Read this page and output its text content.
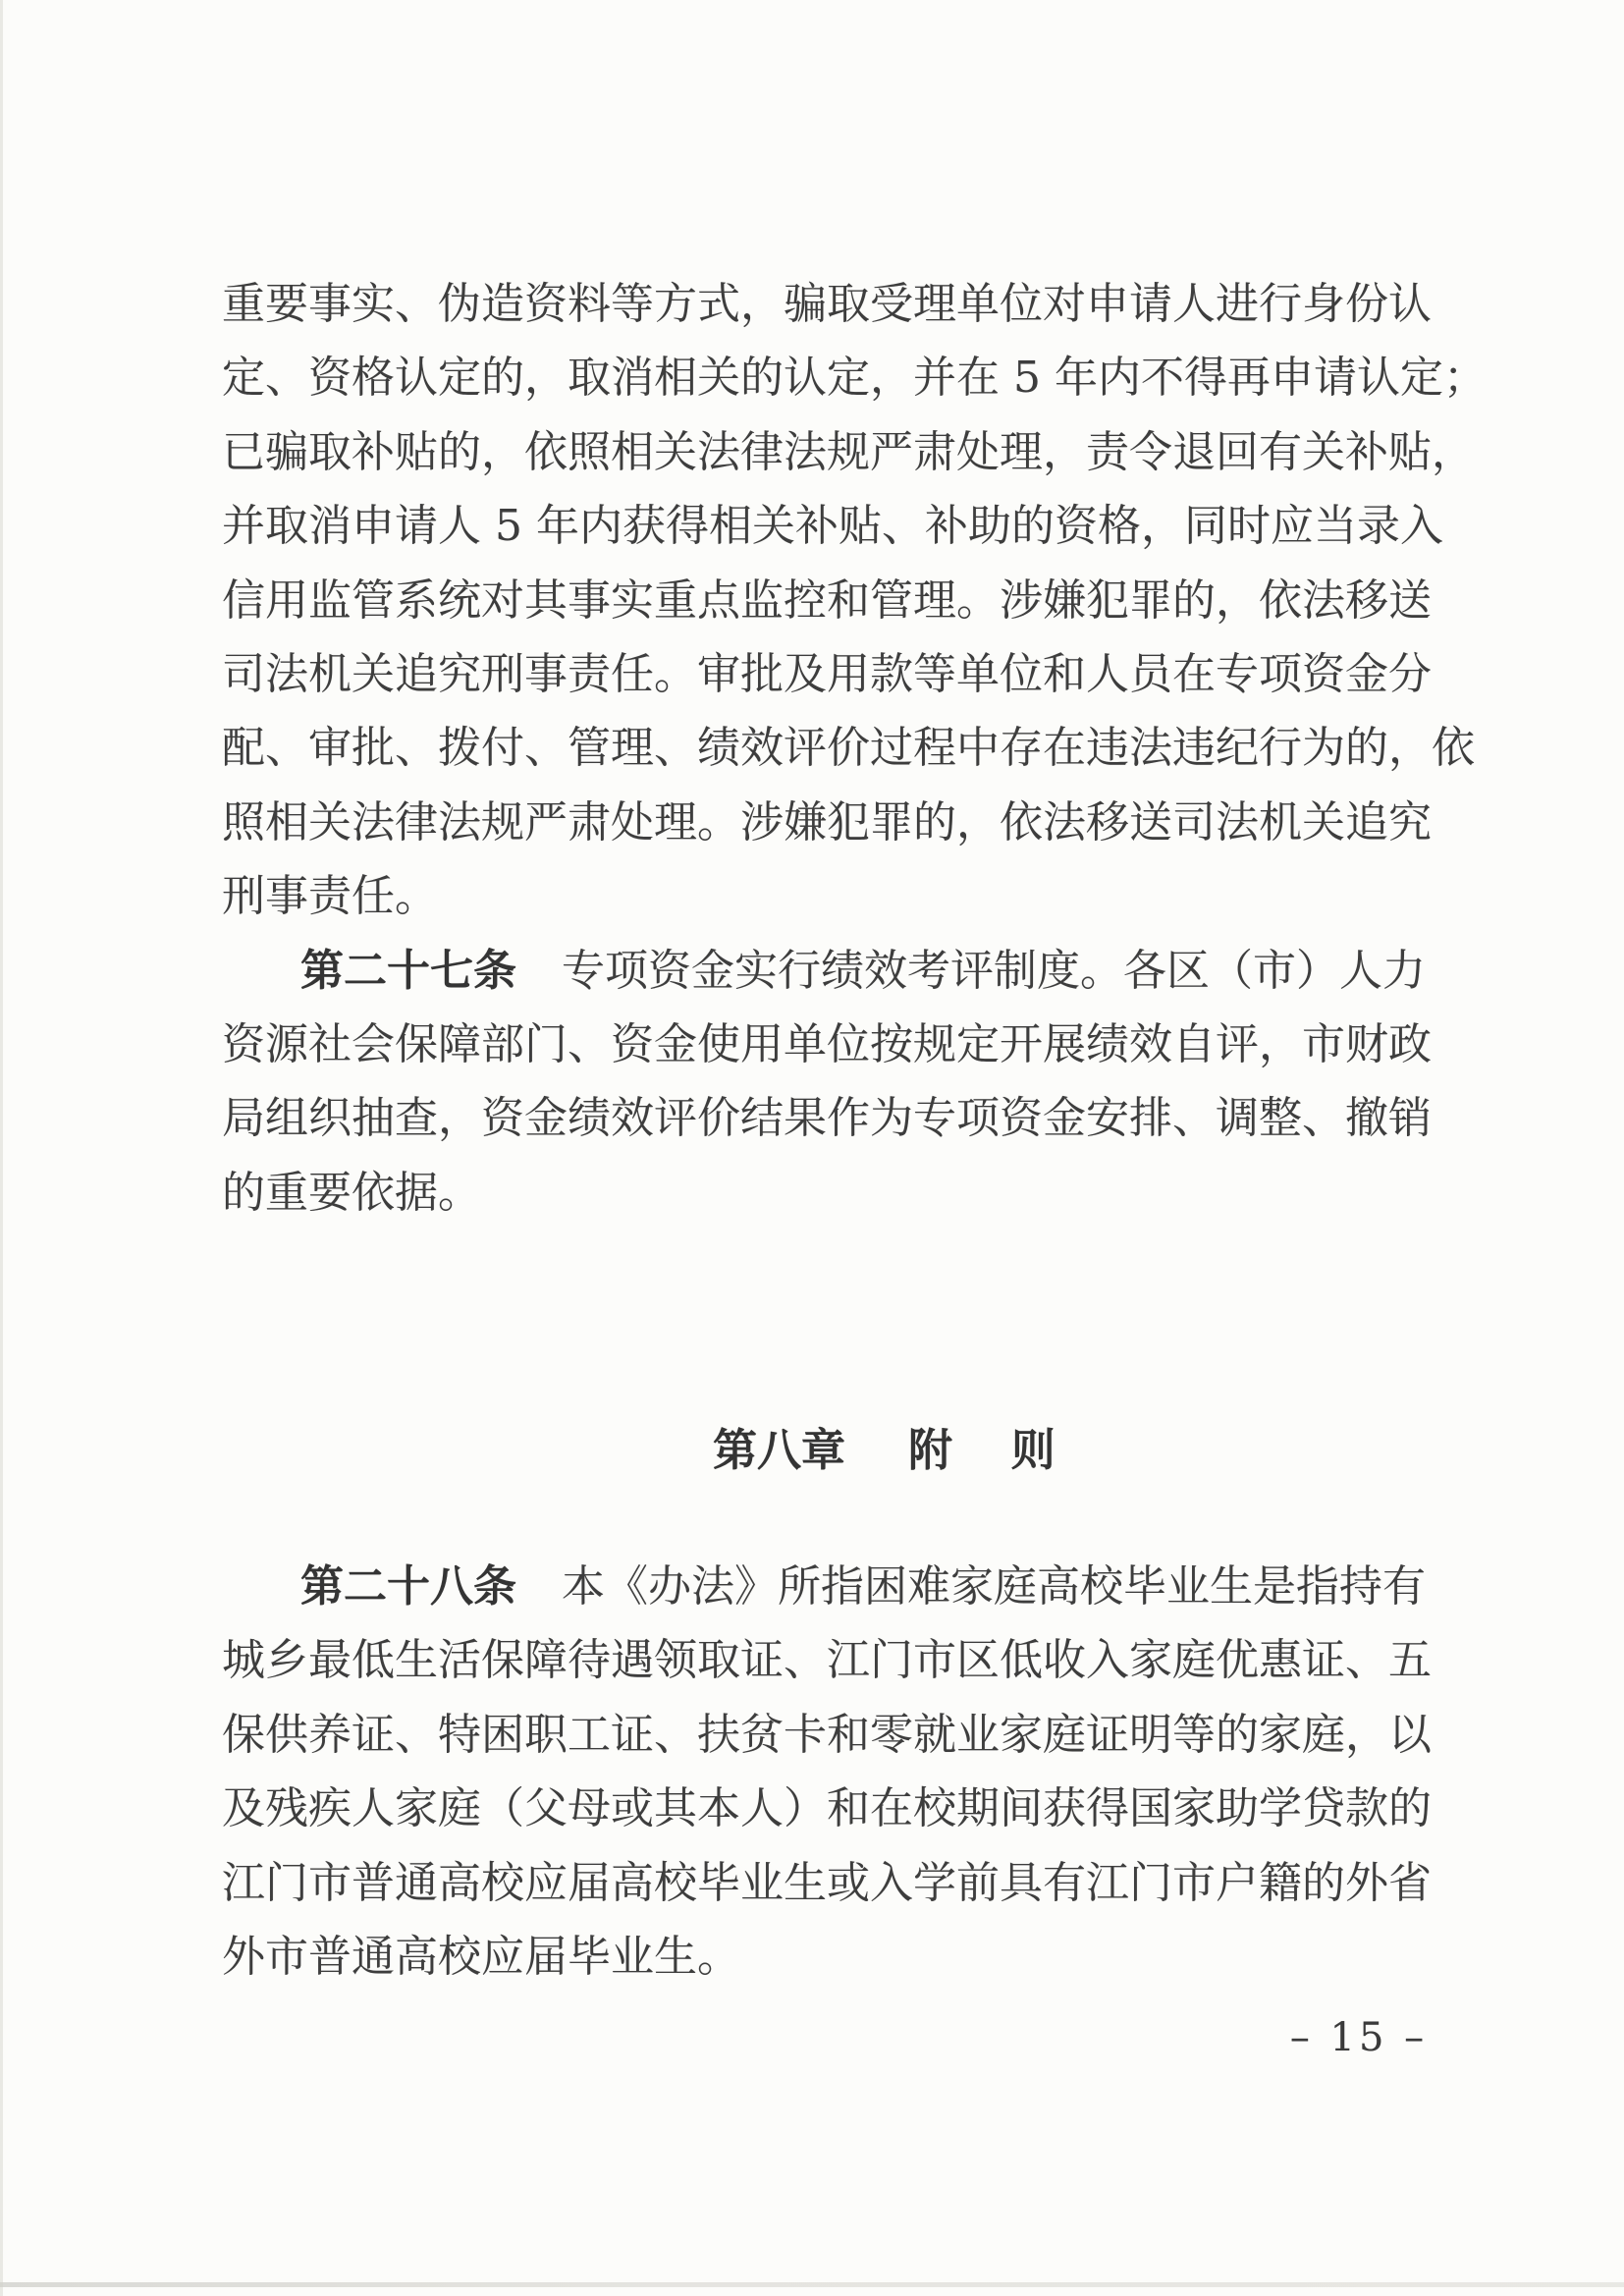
重要事实、伪造资料等方式，骗取受理单位对申请人进行身份认
定、资格认定的，取消相关的认定，并在 5 年内不得再申请认定；
已骗取补贴的，依照相关法律法规严肃处理，责令退回有关补贴，
并取消申请人 5 年内获得相关补贴、补助的资格，同时应当录入
信用监管系统对其事实重点监控和管理。涉嫌犯罪的，依法移送
司法机关追究刑事责任。审批及用款等单位和人员在专项资金分
配、审批、拨付、管理、绩效评价过程中存在违法违纪行为的，依
照相关法律法规严肃处理。涉嫌犯罪的，依法移送司法机关追究
刑事责任。
第二十七条 专项资金实行绩效考评制度。各区（市）人力
资源社会保障部门、资金使用单位按规定开展绩效自评，市财政
局组织抽查，资金绩效评价结果作为专项资金安排、调整、撤销
的重要依据。
第八章 附 则
第二十八条 本《办法》所指困难家庭高校毕业生是指持有
城乡最低生活保障待遇领取证、江门市区低收入家庭优惠证、五
保供养证、特困职工证、扶贫卡和零就业家庭证明等的家庭，以
及残疾人家庭（父母或其本人）和在校期间获得国家助学贷款的
江门市普通高校应届高校毕业生或入学前具有江门市户籍的外省
外市普通高校应届毕业生。
– 15 –
